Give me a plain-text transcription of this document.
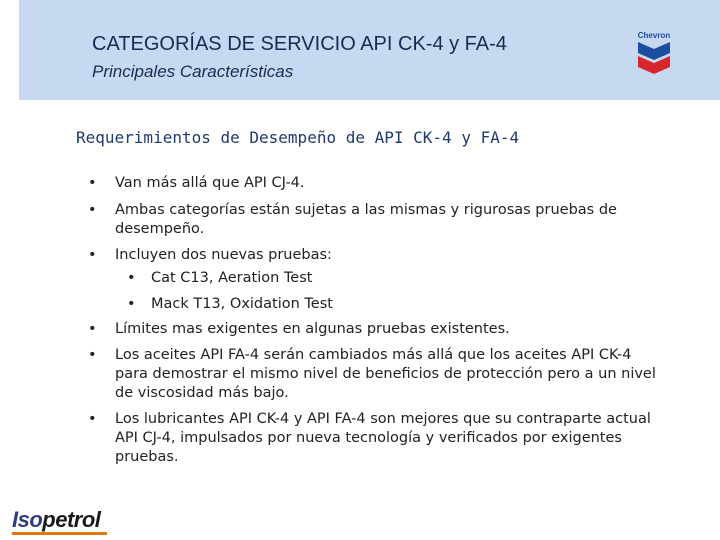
CATEGORÍAS DE SERVICIO API CK-4 y FA-4
Principales Características
Chevron
Requerimientos de Desempeño de API CK-4 y FA-4
• Van más allá que API CJ-4.
• Ambas categorías están sujetas a las mismas y rigurosas pruebas de desempeño.
• Incluyen dos nuevas pruebas:
• Cat C13, Aeration Test
• Mack T13, Oxidation Test
• Límites mas exigentes en algunas pruebas existentes.
• Los aceites API FA-4 serán cambiados más allá que los aceites API CK-4 para demostrar el mismo nivel de beneficios de protección pero a un nivel de viscosidad más bajo.
• Los lubricantes API CK-4 y API FA-4 son mejores que su contraparte actual API CJ-4, impulsados por nueva tecnología y verificados por exigentes pruebas.
Isopetrol
